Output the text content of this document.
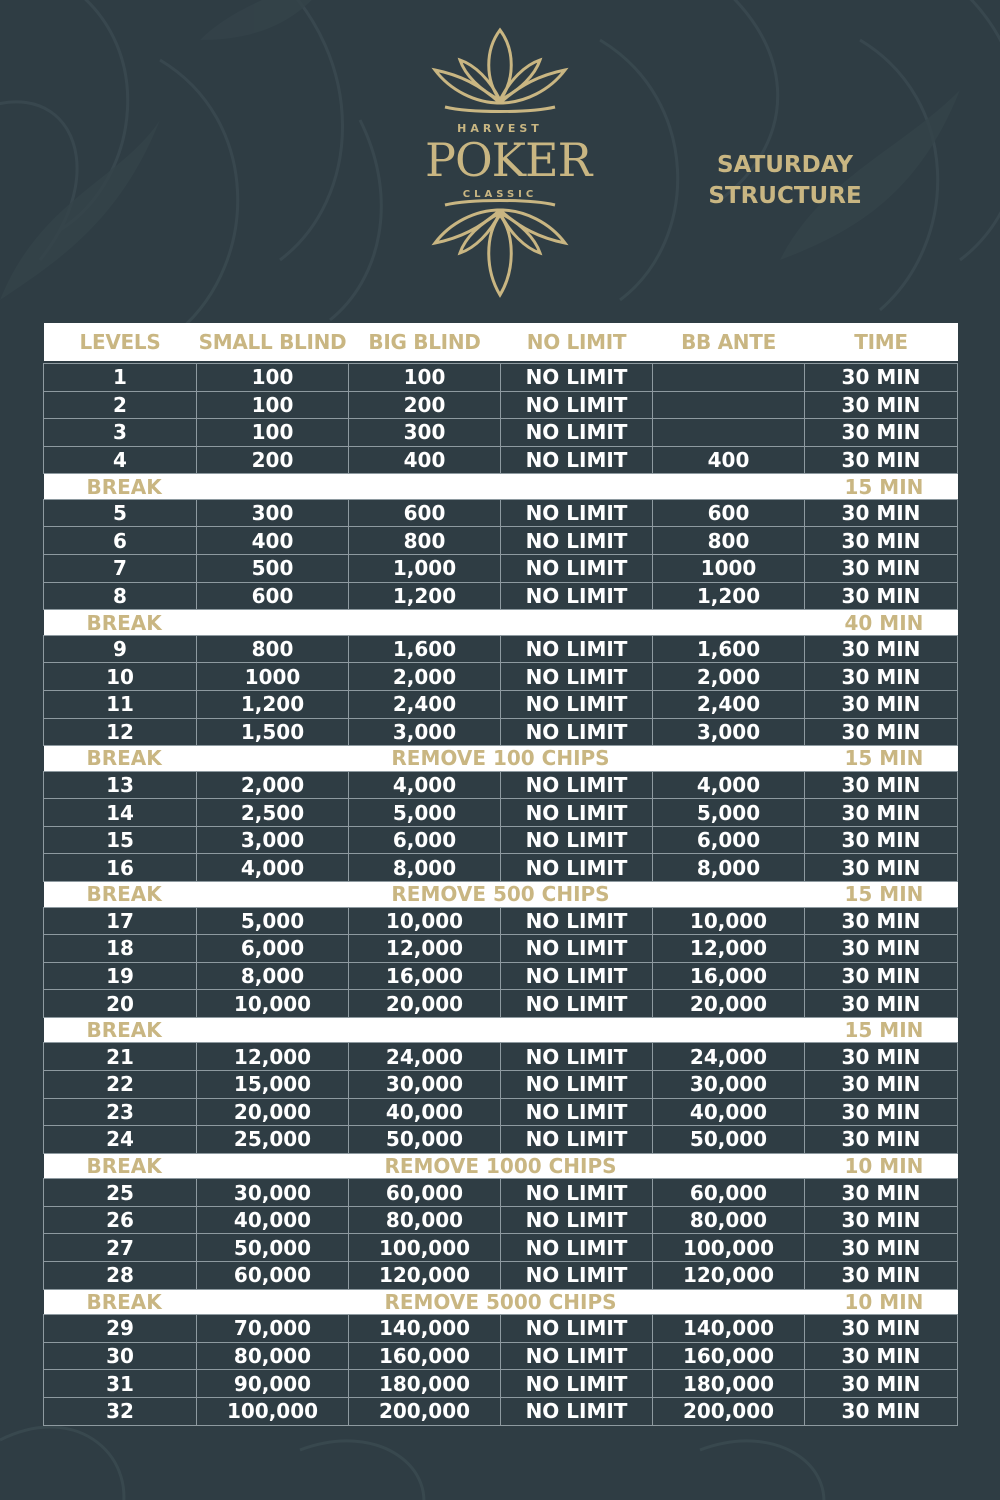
HARVEST
POKER
CLASSIC
SATURDAY
STRUCTURE
LEVELS	SMALL BLIND	BIG BLIND	NO LIMIT	BB ANTE	TIME

1	100	100	NO LIMIT		30 MIN
2	100	200	NO LIMIT		30 MIN
3	100	300	NO LIMIT		30 MIN
4	200	400	NO LIMIT	400	30 MIN
BREAK					15 MIN
5	300	600	NO LIMIT	600	30 MIN
6	400	800	NO LIMIT	800	30 MIN
7	500	1,000	NO LIMIT	1000	30 MIN
8	600	1,200	NO LIMIT	1,200	30 MIN
BREAK					40 MIN
9	800	1,600	NO LIMIT	1,600	30 MIN
10	1000	2,000	NO LIMIT	2,000	30 MIN
11	1,200	2,400	NO LIMIT	2,400	30 MIN
12	1,500	3,000	NO LIMIT	3,000	30 MIN
BREAK	REMOVE 100 CHIPS				15 MIN
13	2,000	4,000	NO LIMIT	4,000	30 MIN
14	2,500	5,000	NO LIMIT	5,000	30 MIN
15	3,000	6,000	NO LIMIT	6,000	30 MIN
16	4,000	8,000	NO LIMIT	8,000	30 MIN
BREAK	REMOVE 500 CHIPS				15 MIN
17	5,000	10,000	NO LIMIT	10,000	30 MIN
18	6,000	12,000	NO LIMIT	12,000	30 MIN
19	8,000	16,000	NO LIMIT	16,000	30 MIN
20	10,000	20,000	NO LIMIT	20,000	30 MIN
BREAK					15 MIN
21	12,000	24,000	NO LIMIT	24,000	30 MIN
22	15,000	30,000	NO LIMIT	30,000	30 MIN
23	20,000	40,000	NO LIMIT	40,000	30 MIN
24	25,000	50,000	NO LIMIT	50,000	30 MIN
BREAK	REMOVE 1000 CHIPS				10 MIN
25	30,000	60,000	NO LIMIT	60,000	30 MIN
26	40,000	80,000	NO LIMIT	80,000	30 MIN
27	50,000	100,000	NO LIMIT	100,000	30 MIN
28	60,000	120,000	NO LIMIT	120,000	30 MIN
BREAK	REMOVE 5000 CHIPS				10 MIN
29	70,000	140,000	NO LIMIT	140,000	30 MIN
30	80,000	160,000	NO LIMIT	160,000	30 MIN
31	90,000	180,000	NO LIMIT	180,000	30 MIN
32	100,000	200,000	NO LIMIT	200,000	30 MIN
